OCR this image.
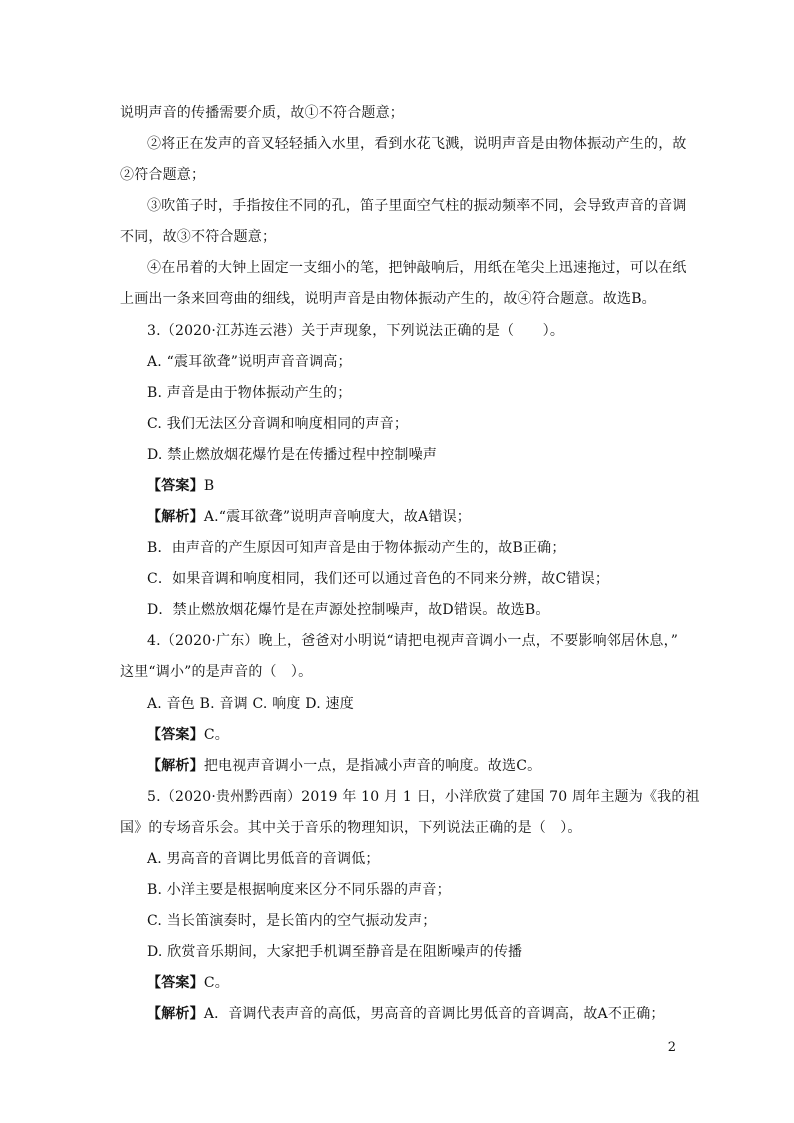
说明声音的传播需要介质，故①不符合题意；
②将正在发声的音叉轻轻插入水里，看到水花飞溅，说明声音是由物体振动产生的，故
②符合题意；
③吹笛子时，手指按住不同的孔，笛子里面空气柱的振动频率不同，会导致声音的音调
不同，故③不符合题意；
④在吊着的大钟上固定一支细小的笔，把钟敲响后，用纸在笔尖上迅速拖过，可以在纸
上画出一条来回弯曲的细线，说明声音是由物体振动产生的，故④符合题意。故选B。
3.（2020·江苏连云港）关于声现象，下列说法正确的是（　　）。
A. “震耳欲聋”说明声音音调高；
B. 声音是由于物体振动产生的；
C. 我们无法区分音调和响度相同的声音；
D. 禁止燃放烟花爆竹是在传播过程中控制噪声
【答案】B
【解析】A.“震耳欲聋”说明声音响度大，故A错误；
B．由声音的产生原因可知声音是由于物体振动产生的，故B正确；
C．如果音调和响度相同，我们还可以通过音色的不同来分辨，故C错误；
D．禁止燃放烟花爆竹是在声源处控制噪声，故D错误。故选B。
4.（2020·广东）晚上，爸爸对小明说“请把电视声音调小一点，不要影响邻居休息，”
这里“调小”的是声音的（　）。
A. 音色 B. 音调 C. 响度 D. 速度
【答案】C。
【解析】把电视声音调小一点，是指减小声音的响度。故选C。
5.（2020·贵州黔西南）2019 年 10 月 1 日，小洋欣赏了建国 70 周年主题为《我的祖
国》的专场音乐会。其中关于音乐的物理知识，下列说法正确的是（　）。
A. 男高音的音调比男低音的音调低；
B. 小洋主要是根据响度来区分不同乐器的声音；
C. 当长笛演奏时，是长笛内的空气振动发声；
D. 欣赏音乐期间，大家把手机调至静音是在阻断噪声的传播
【答案】C。
【解析】A．音调代表声音的高低，男高音的音调比男低音的音调高，故A不正确；
2
